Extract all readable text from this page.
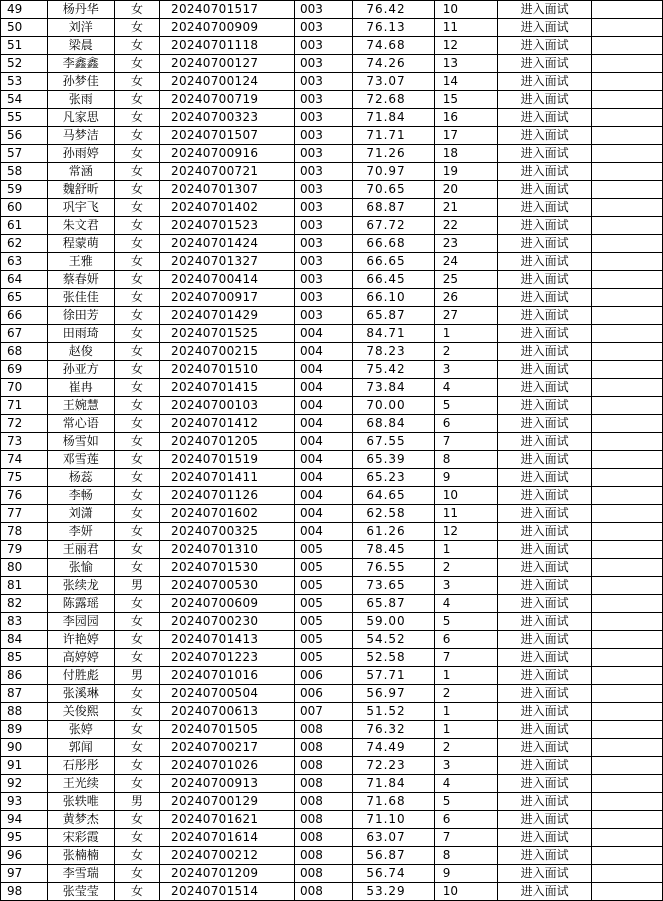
49	杨丹华	女	20240701517	003	76.42	10	进入面试	
50	刘洋	女	20240700909	003	76.13	11	进入面试	
51	梁晨	女	20240701118	003	74.68	12	进入面试	
52	李鑫鑫	女	20240700127	003	74.26	13	进入面试	
53	孙梦佳	女	20240700124	003	73.07	14	进入面试	
54	张雨	女	20240700719	003	72.68	15	进入面试	
55	凡家思	女	20240700323	003	71.84	16	进入面试	
56	马梦洁	女	20240701507	003	71.71	17	进入面试	
57	孙雨婷	女	20240700916	003	71.26	18	进入面试	
58	常涵	女	20240700721	003	70.97	19	进入面试	
59	魏舒昕	女	20240701307	003	70.65	20	进入面试	
60	巩宇飞	女	20240701402	003	68.87	21	进入面试	
61	朱文君	女	20240701523	003	67.72	22	进入面试	
62	程蒙萌	女	20240701424	003	66.68	23	进入面试	
63	王雅	女	20240701327	003	66.65	24	进入面试	
64	蔡春妍	女	20240700414	003	66.45	25	进入面试	
65	张佳佳	女	20240700917	003	66.10	26	进入面试	
66	徐田芳	女	20240701429	003	65.87	27	进入面试	
67	田雨琦	女	20240701525	004	84.71	1	进入面试	
68	赵俊	女	20240700215	004	78.23	2	进入面试	
69	孙亚方	女	20240701510	004	75.42	3	进入面试	
70	崔冉	女	20240701415	004	73.84	4	进入面试	
71	王婉慧	女	20240700103	004	70.00	5	进入面试	
72	常心语	女	20240701412	004	68.84	6	进入面试	
73	杨雪如	女	20240701205	004	67.55	7	进入面试	
74	邓雪莲	女	20240701519	004	65.39	8	进入面试	
75	杨蕊	女	20240701411	004	65.23	9	进入面试	
76	李畅	女	20240701126	004	64.65	10	进入面试	
77	刘潇	女	20240701602	004	62.58	11	进入面试	
78	李妍	女	20240700325	004	61.26	12	进入面试	
79	王丽君	女	20240701310	005	78.45	1	进入面试	
80	张愉	女	20240701530	005	76.55	2	进入面试	
81	张续龙	男	20240700530	005	73.65	3	进入面试	
82	陈露瑶	女	20240700609	005	65.87	4	进入面试	
83	李园园	女	20240700230	005	59.00	5	进入面试	
84	许艳婷	女	20240701413	005	54.52	6	进入面试	
85	高婷婷	女	20240701223	005	52.58	7	进入面试	
86	付胜彪	男	20240701016	006	57.71	1	进入面试	
87	张溪琳	女	20240700504	006	56.97	2	进入面试	
88	关俊熙	女	20240700613	007	51.52	1	进入面试	
89	张婷	女	20240701505	008	76.32	1	进入面试	
90	郭闻	女	20240700217	008	74.49	2	进入面试	
91	石彤彤	女	20240701026	008	72.23	3	进入面试	
92	王光续	女	20240700913	008	71.84	4	进入面试	
93	张轶唯	男	20240700129	008	71.68	5	进入面试	
94	黄梦杰	女	20240701621	008	71.10	6	进入面试	
95	宋彩霞	女	20240701614	008	63.07	7	进入面试	
96	张楠楠	女	20240700212	008	56.87	8	进入面试	
97	李雪瑞	女	20240701209	008	56.74	9	进入面试	
98	张莹莹	女	20240701514	008	53.29	10	进入面试	
